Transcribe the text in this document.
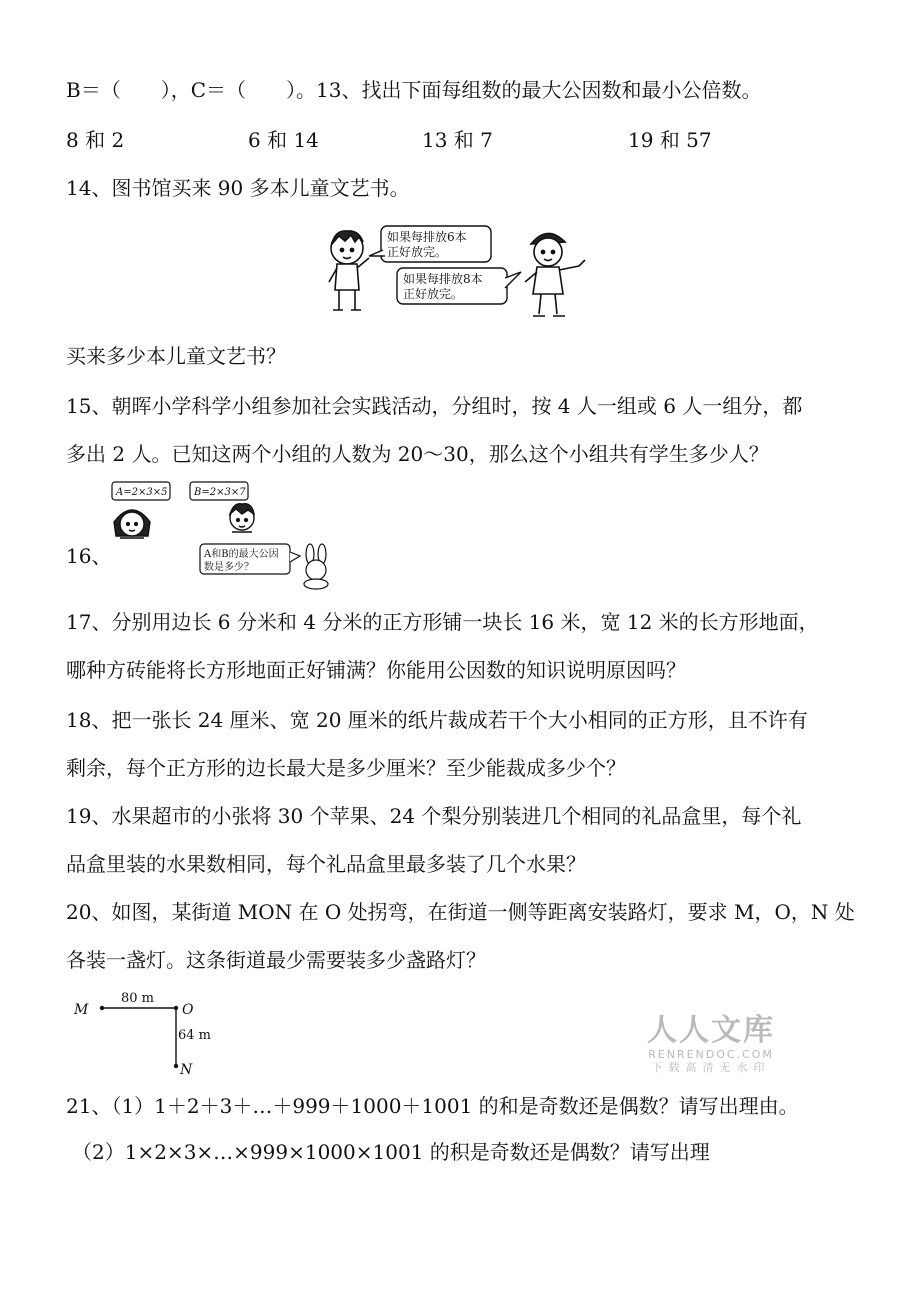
B＝（　　），C＝（　　）。13、找出下面每组数的最大公因数和最小公倍数。
8 和 2	6 和 14	13 和 7	19 和 57
14、图书馆买来 90 多本儿童文艺书。
如果每排放6本
正好放完。
如果每排放8本
正好放完。
买来多少本儿童文艺书？
15、朝晖小学科学小组参加社会实践活动，分组时，按 4 人一组或 6 人一组分，都
多出 2 人。已知这两个小组的人数为 20～30，那么这个小组共有学生多少人？
A=2×3×5	B=2×3×7
A和B的最大公因
数是多少？
16、
17、分别用边长 6 分米和 4 分米的正方形铺一块长 16 米，宽 12 米的长方形地面，
哪种方砖能将长方形地面正好铺满？你能用公因数的知识说明原因吗？
18、把一张长 24 厘米、宽 20 厘米的纸片裁成若干个大小相同的正方形，且不许有
剩余，每个正方形的边长最大是多少厘米？至少能裁成多少个？
19、水果超市的小张将 30 个苹果、24 个梨分别装进几个相同的礼品盒里，每个礼
品盒里装的水果数相同，每个礼品盒里最多装了几个水果？
20、如图，某街道 MON 在 O 处拐弯，在街道一侧等距离安装路灯，要求 M，O，N 处
各装一盏灯。这条街道最少需要装多少盏路灯？
M	O
N
80 m
64 m	人人文库
RENRENDOC.COM
下载高清无水印
21、（1）1＋2＋3＋…＋999＋1000＋1001 的和是奇数还是偶数？请写出理由。
（2）1×2×3×…×999×1000×1001 的积是奇数还是偶数？请写出理
